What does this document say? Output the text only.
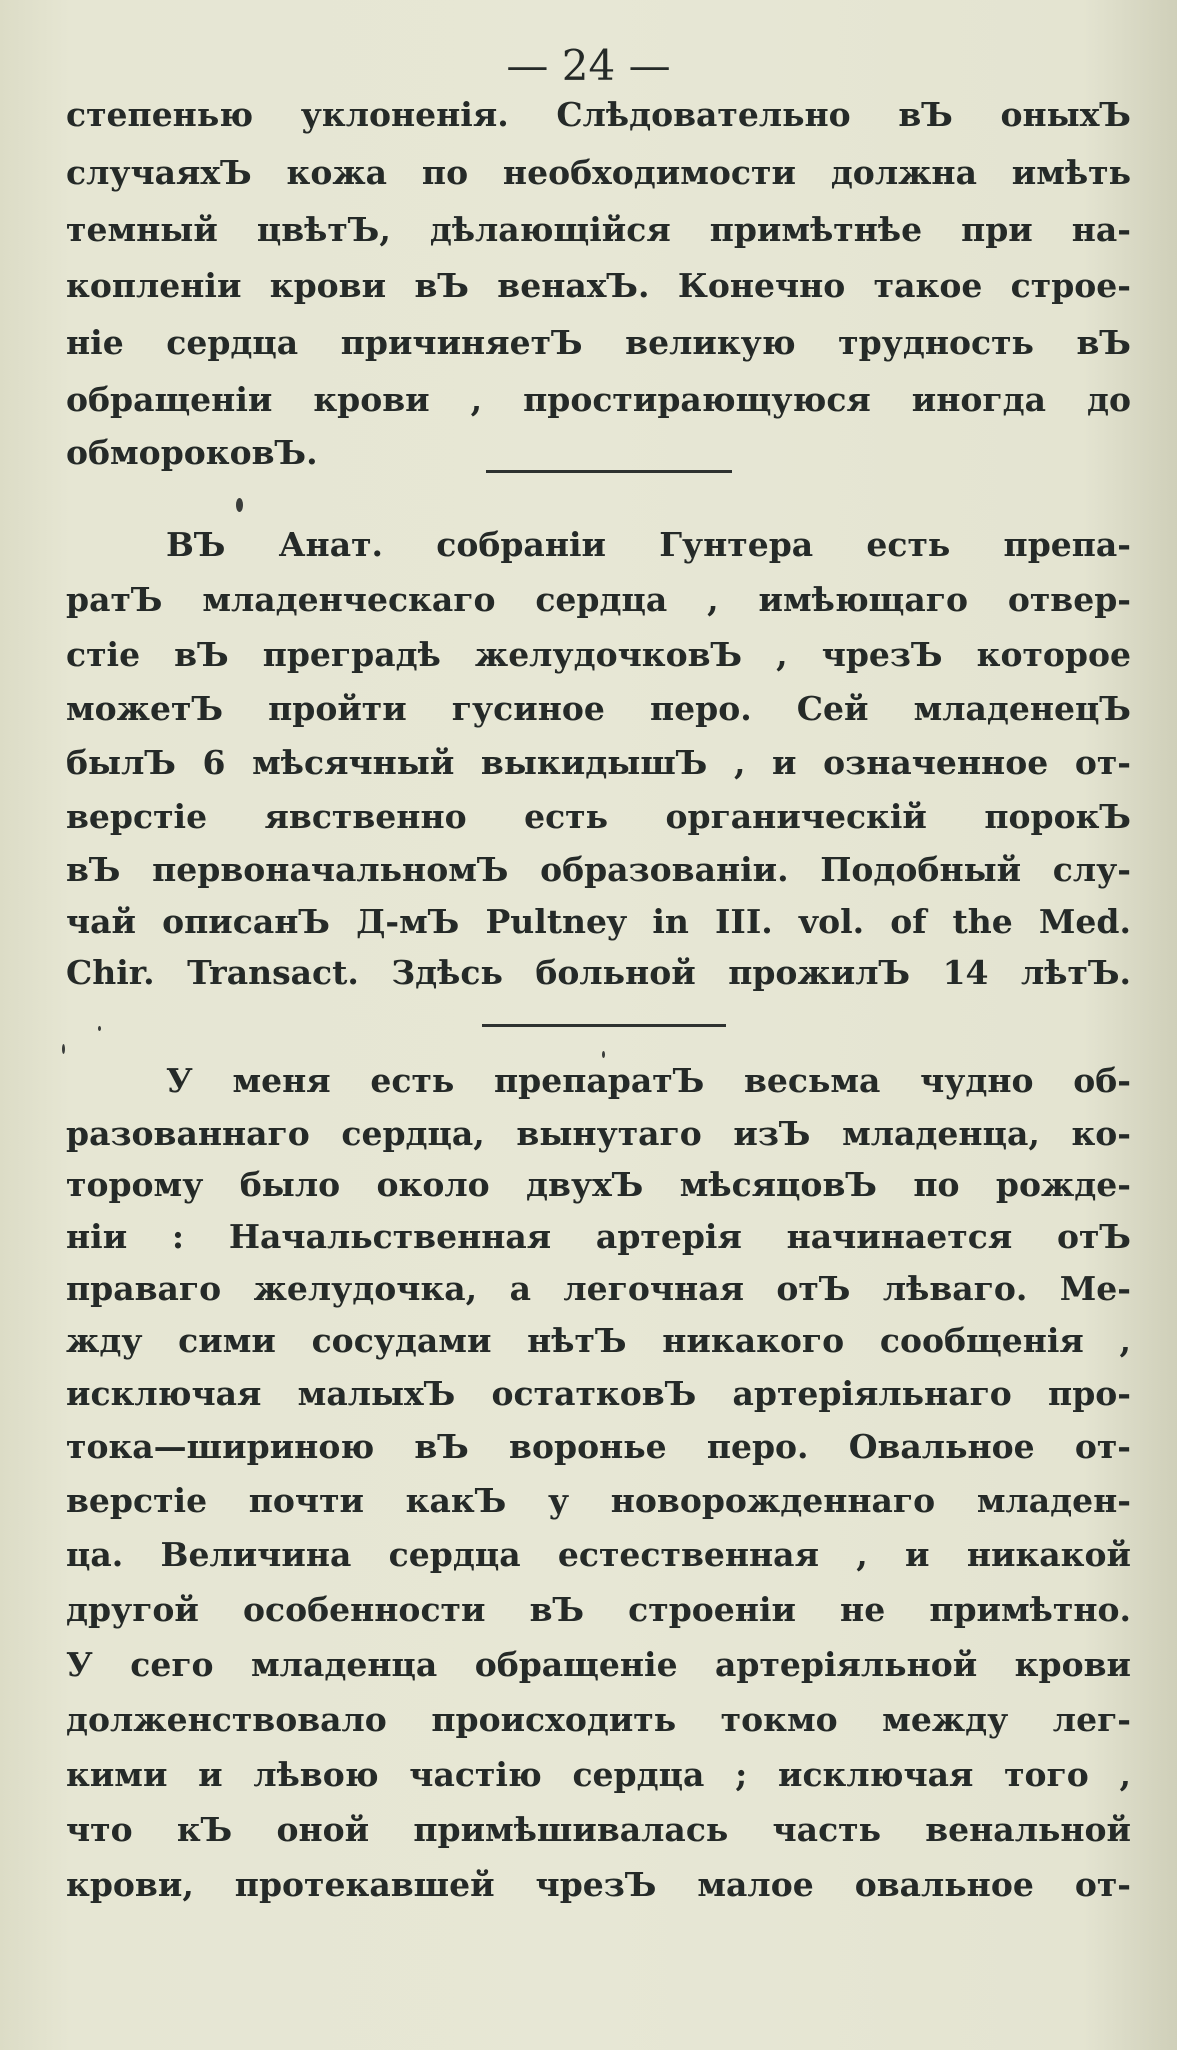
— 24 —
степенью уклоненія. Слѣдовательно вЪ оныхЪ
случаяхЪ кожа по необходимости должна имѣть
темный цвѣтЪ, дѣлающійся примѣтнѣе при на-
копленіи крови вЪ венахЪ. Конечно такое строе-
ніе сердца причиняетЪ великую трудность вЪ
обращеніи крови , простирающуюся иногда до
обмороковЪ.
ВЪ Анат. собраніи Гунтера есть препа-
ратЪ младенческаго сердца , имѣющаго отвер-
стіе вЪ преградѣ желудочковЪ , чрезЪ которое
можетЪ пройти гусиное перо. Сей младенецЪ
былЪ 6 мѣсячный выкидышЪ , и означенное от-
верстіе явственно есть органическій порокЪ
вЪ первоначальномЪ образованіи. Подобный слу-
чай описанЪ Д-мЪ Pultney in III. vol. of the Med.
Chir. Transact. Здѣсь больной прожилЪ 14 лѣтЪ.
У меня есть препаратЪ весьма чудно об-
разованнаго сердца, вынутаго изЪ младенца, ко-
торому было около двухЪ мѣсяцовЪ по рожде-
ніи : Начальственная артерія начинается отЪ
праваго желудочка, а легочная отЪ лѣваго. Ме-
жду сими сосудами нѣтЪ никакого сообщенія ,
исключая малыхЪ остатковЪ артеріяльнаго про-
тока—шириною вЪ воронье перо. Овальное от-
верстіе почти какЪ у новорожденнаго младен-
ца. Величина сердца естественная , и никакой
другой особенности вЪ строеніи не примѣтно.
У сего младенца обращеніе артеріяльной крови
долженствовало происходить токмо между лег-
кими и лѣвою частію сердца ; исключая того ,
что кЪ оной примѣшивалась часть венальной
крови, протекавшей чрезЪ малое овальное от-
